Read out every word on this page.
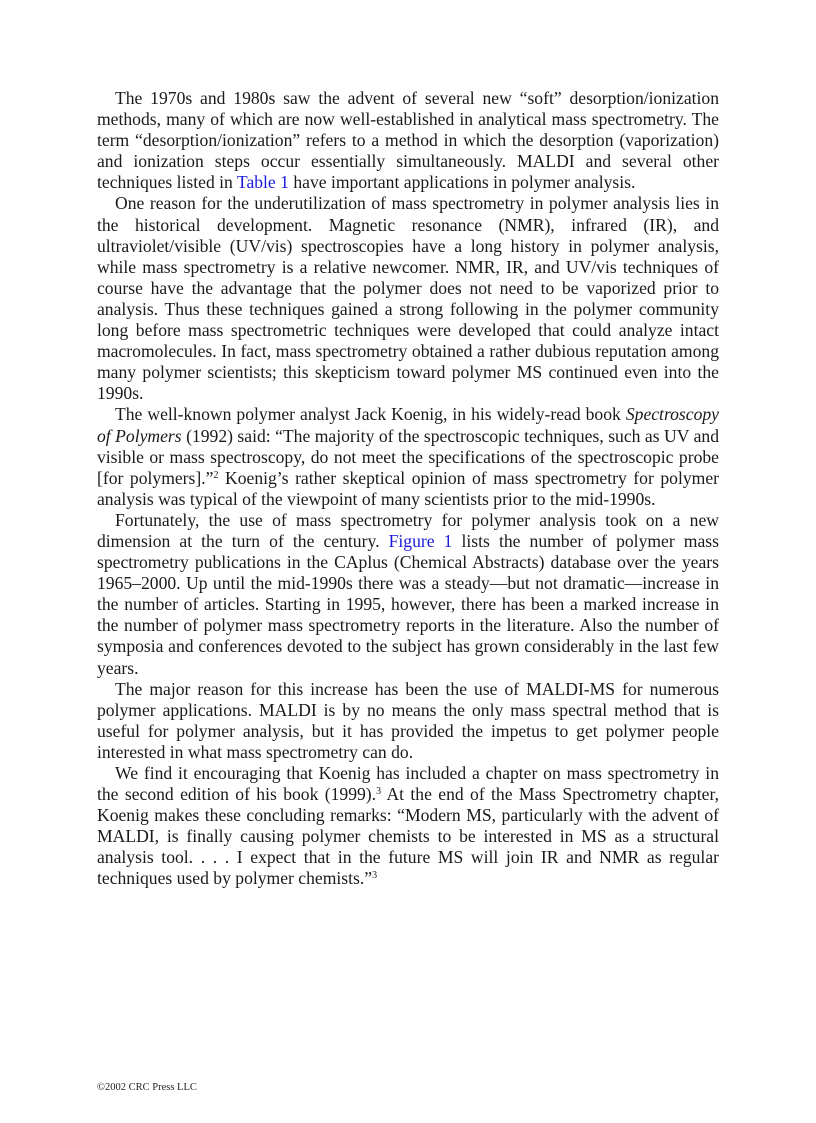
The 1970s and 1980s saw the advent of several new “soft” desorption/ionization methods, many of which are now well-established in analytical mass spectrometry. The term “desorption/ionization” refers to a method in which the desorption (vaporization) and ionization steps occur essentially simultaneously. MALDI and several other techniques listed in Table 1 have important applications in polymer analysis.

One reason for the underutilization of mass spectrometry in polymer analysis lies in the historical development. Magnetic resonance (NMR), infrared (IR), and ultraviolet/visible (UV/vis) spectroscopies have a long history in polymer analysis, while mass spectrometry is a relative newcomer. NMR, IR, and UV/vis techniques of course have the advantage that the polymer does not need to be vaporized prior to analysis. Thus these techniques gained a strong following in the polymer community long before mass spectrometric techniques were developed that could analyze intact macromolecules. In fact, mass spectrometry obtained a rather dubious reputation among many polymer scientists; this skepticism toward polymer MS continued even into the 1990s.

The well-known polymer analyst Jack Koenig, in his widely-read book Spectroscopy of Polymers (1992) said: “The majority of the spectroscopic techniques, such as UV and visible or mass spectroscopy, do not meet the specifications of the spectroscopic probe [for polymers].”$^2$ Koenig’s rather skeptical opinion of mass spectrometry for polymer analysis was typical of the viewpoint of many scientists prior to the mid-1990s.

Fortunately, the use of mass spectrometry for polymer analysis took on a new dimension at the turn of the century. Figure 1 lists the number of polymer mass spectrometry publications in the CAplus (Chemical Abstracts) database over the years 1965–2000. Up until the mid-1990s there was a steady—but not dramatic—increase in the number of articles. Starting in 1995, however, there has been a marked increase in the number of polymer mass spectrometry reports in the literature. Also the number of symposia and conferences devoted to the subject has grown considerably in the last few years.

The major reason for this increase has been the use of MALDI-MS for numerous polymer applications. MALDI is by no means the only mass spectral method that is useful for polymer analysis, but it has provided the impetus to get polymer people interested in what mass spectrometry can do.

We find it encouraging that Koenig has included a chapter on mass spectrometry in the second edition of his book (1999).$^3$ At the end of the Mass Spectrometry chapter, Koenig makes these concluding remarks: “Modern MS, particularly with the advent of MALDI, is finally causing polymer chemists to be interested in MS as a structural analysis tool. . . . I expect that in the future MS will join IR and NMR as regular techniques used by polymer chemists.”$^3$

©2002 CRC Press LLC
